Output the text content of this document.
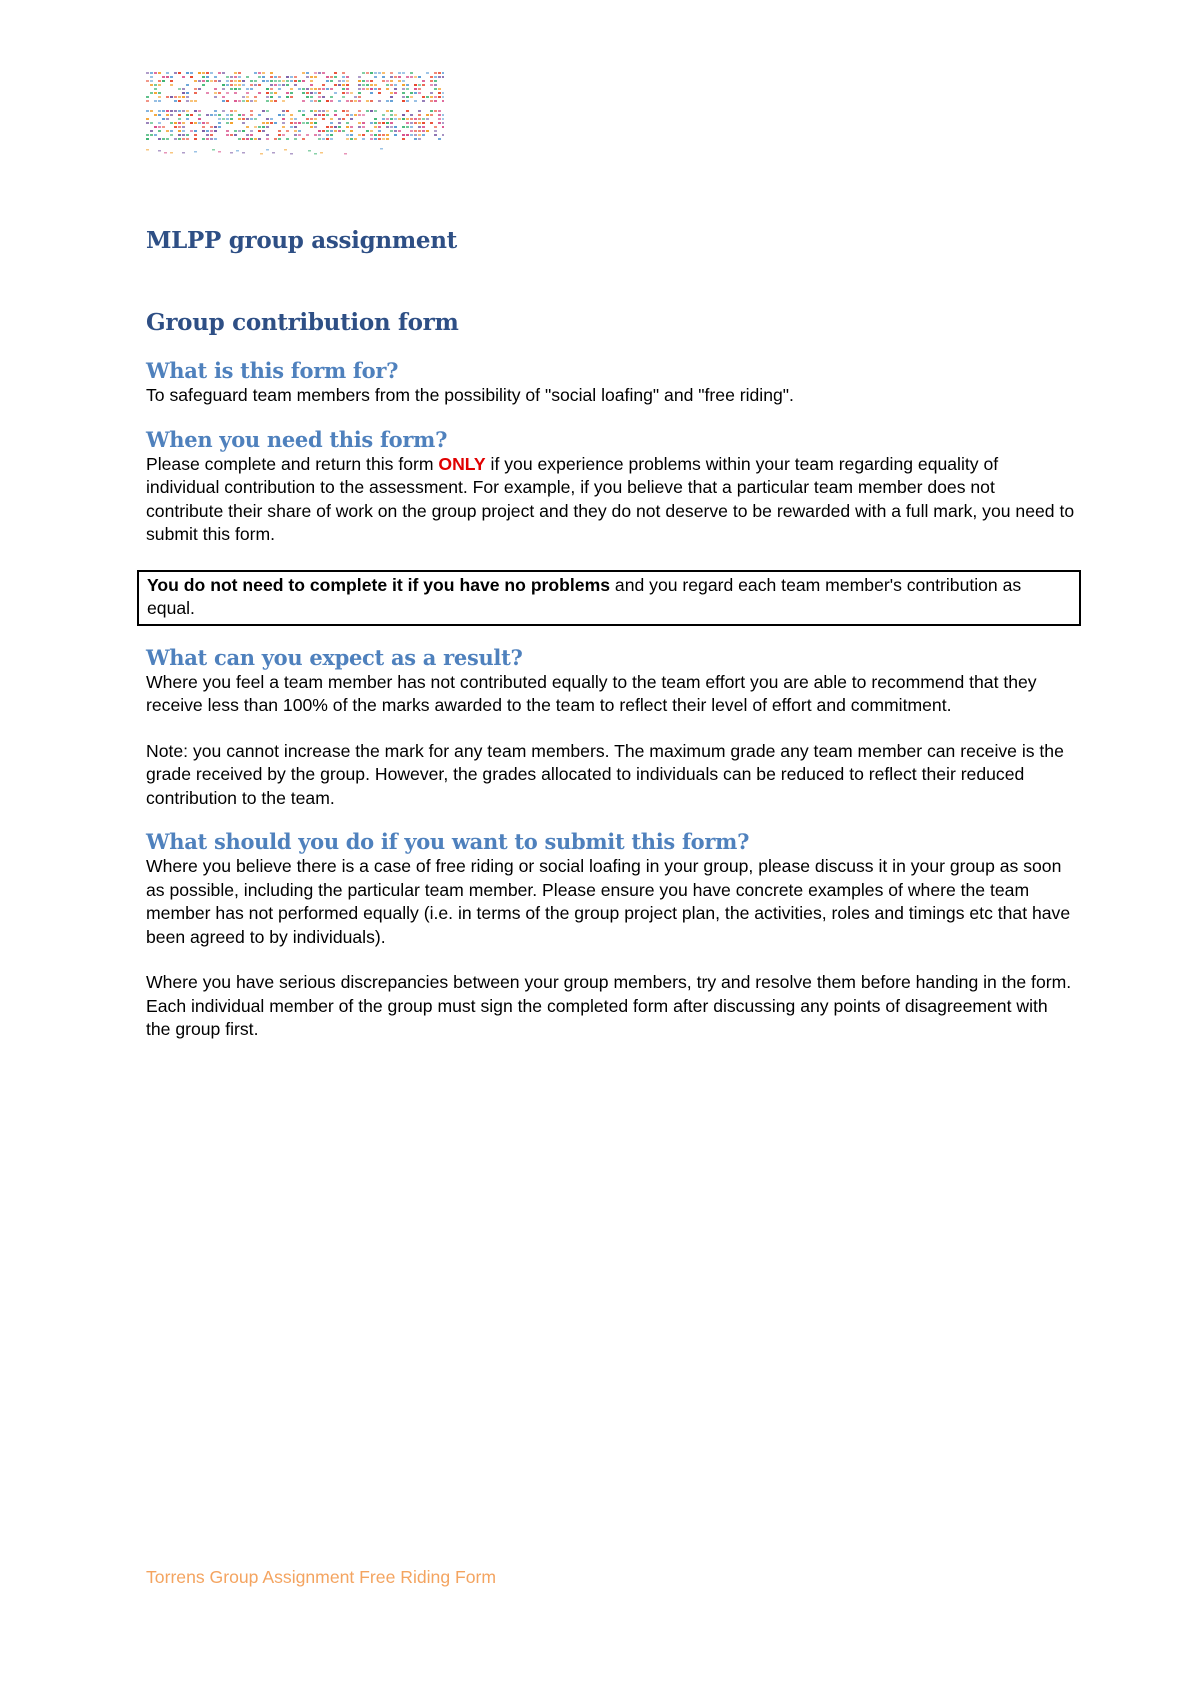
MLPP group assignment
Group contribution form
What is this form for?

To safeguard team members from the possibility of "social loafing" and "free riding".

When you need this form?

Please complete and return this form ONLY if you experience problems within your team regarding equality of individual contribution to the assessment. For example, if you believe that a particular team member does not contribute their share of work on the group project and they do not deserve to be rewarded with a full mark, you need to submit this form.

You do not need to complete it if you have no problems and you regard each team member's contribution as equal.
What can you expect as a result?

Where you feel a team member has not contributed equally to the team effort you are able to recommend that they receive less than 100% of the marks awarded to the team to reflect their level of effort and commitment.

Note: you cannot increase the mark for any team members. The maximum grade any team member can receive is the grade received by the group. However, the grades allocated to individuals can be reduced to reflect their reduced contribution to the team.

What should you do if you want to submit this form?

Where you believe there is a case of free riding or social loafing in your group, please discuss it in your group as soon as possible, including the particular team member. Please ensure you have concrete examples of where the team member has not performed equally (i.e. in terms of the group project plan, the activities, roles and timings etc that have been agreed to by individuals).

Where you have serious discrepancies between your group members, try and resolve them before handing in the form. Each individual member of the group must sign the completed form after discussing any points of disagreement with the group first.

Torrens Group Assignment Free Riding Form
